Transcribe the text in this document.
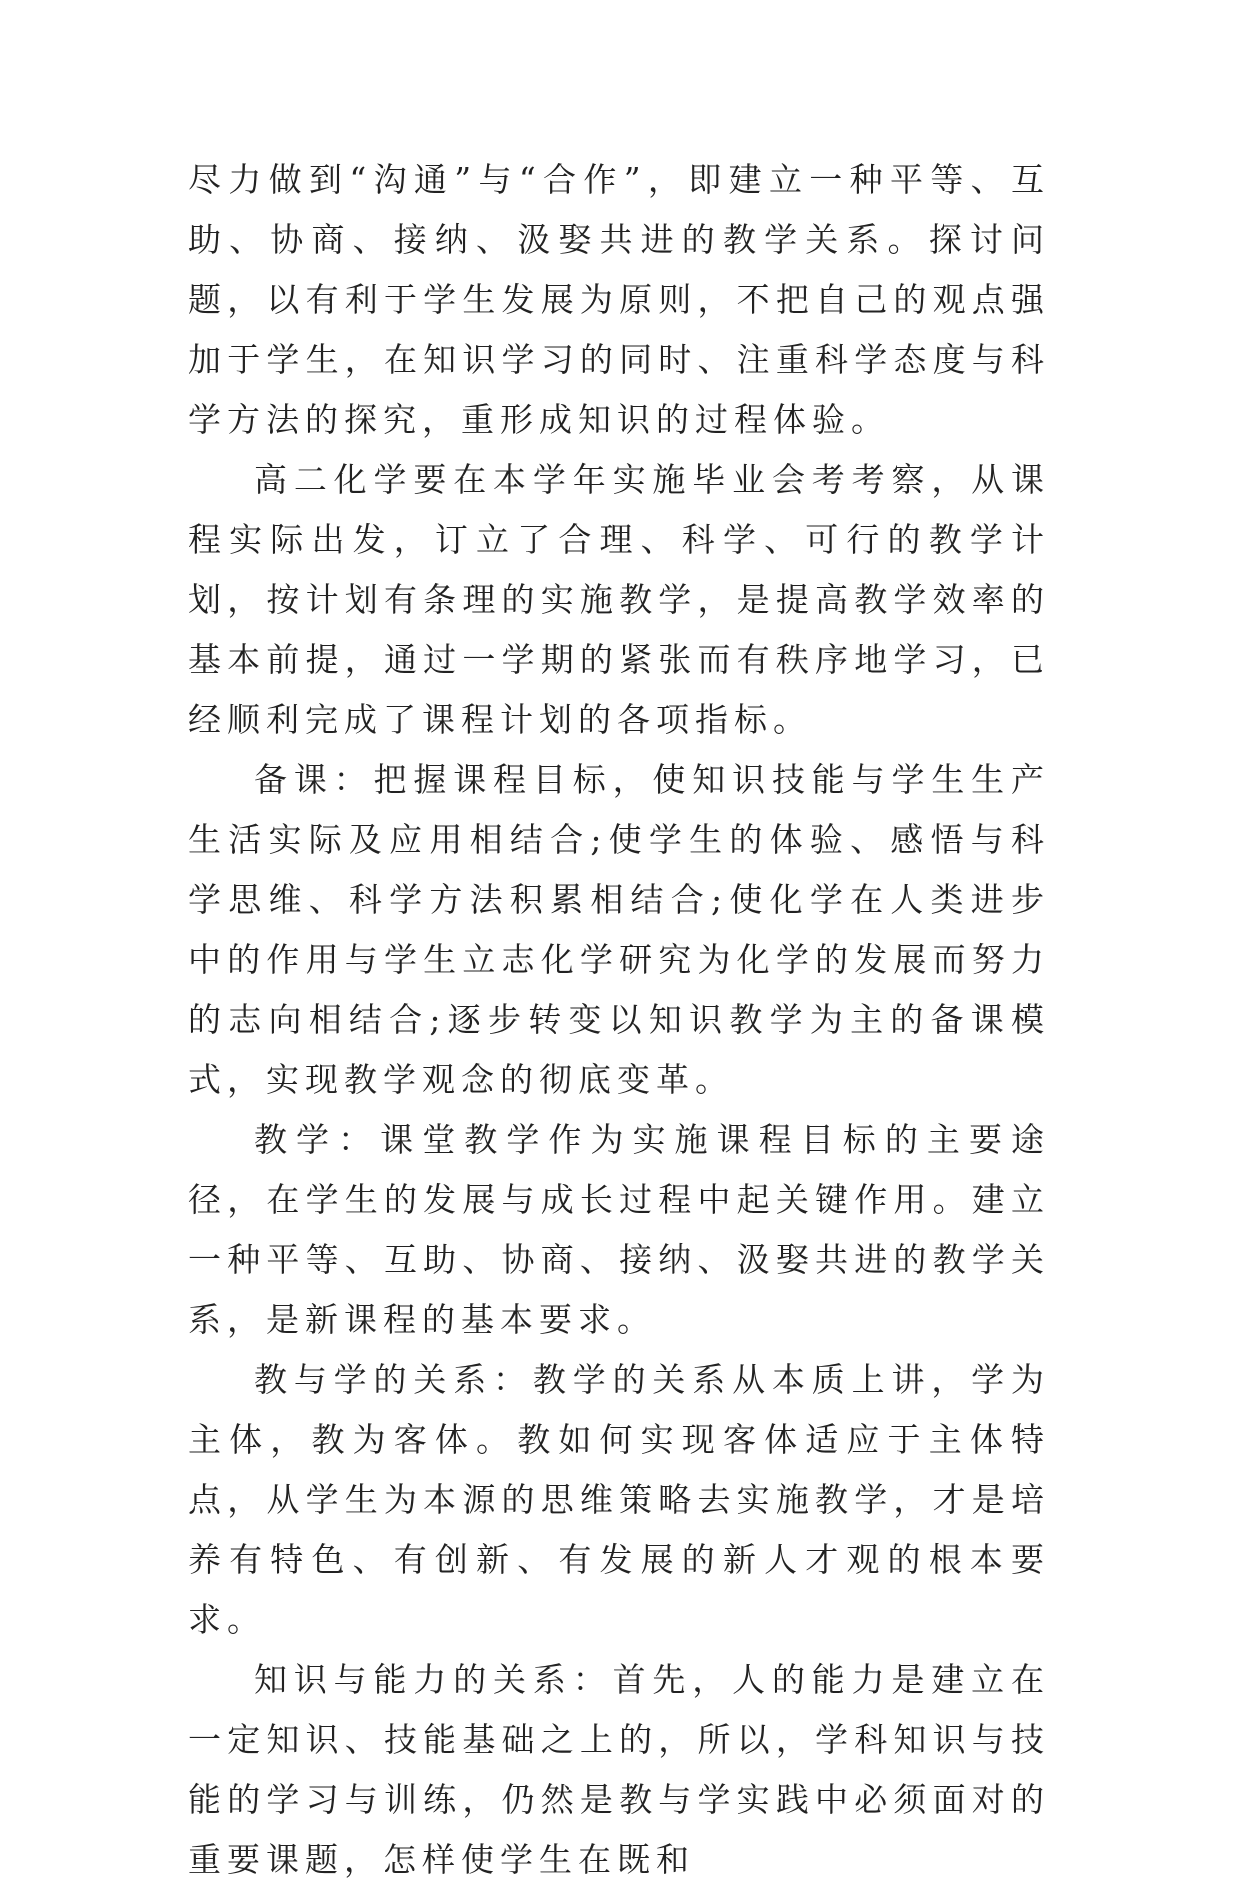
尽力做到“沟通”与“合作”，即建立一种平等、互助、协商、接纳、汲娶共进的教学关系。探讨问题，以有利于学生发展为原则，不把自己的观点强加于学生，在知识学习的同时、注重科学态度与科学方法的探究，重形成知识的过程体验。

高二化学要在本学年实施毕业会考考察，从课程实际出发，订立了合理、科学、可行的教学计划，按计划有条理的实施教学，是提高教学效率的基本前提，通过一学期的紧张而有秩序地学习，已经顺利完成了课程计划的各项指标。

备课：把握课程目标，使知识技能与学生生产生活实际及应用相结合;使学生的体验、感悟与科学思维、科学方法积累相结合;使化学在人类进步中的作用与学生立志化学研究为化学的发展而努力的志向相结合;逐步转变以知识教学为主的备课模式，实现教学观念的彻底变革。

教学：课堂教学作为实施课程目标的主要途径，在学生的发展与成长过程中起关键作用。建立一种平等、互助、协商、接纳、汲娶共进的教学关系，是新课程的基本要求。

教与学的关系：教学的关系从本质上讲，学为主体，教为客体。教如何实现客体适应于主体特点，从学生为本源的思维策略去实施教学，才是培养有特色、有创新、有发展的新人才观的根本要求。

知识与能力的关系：首先，人的能力是建立在一定知识、技能基础之上的，所以，学科知识与技能的学习与训练，仍然是教与学实践中必须面对的重要课题，怎样使学生在既和
